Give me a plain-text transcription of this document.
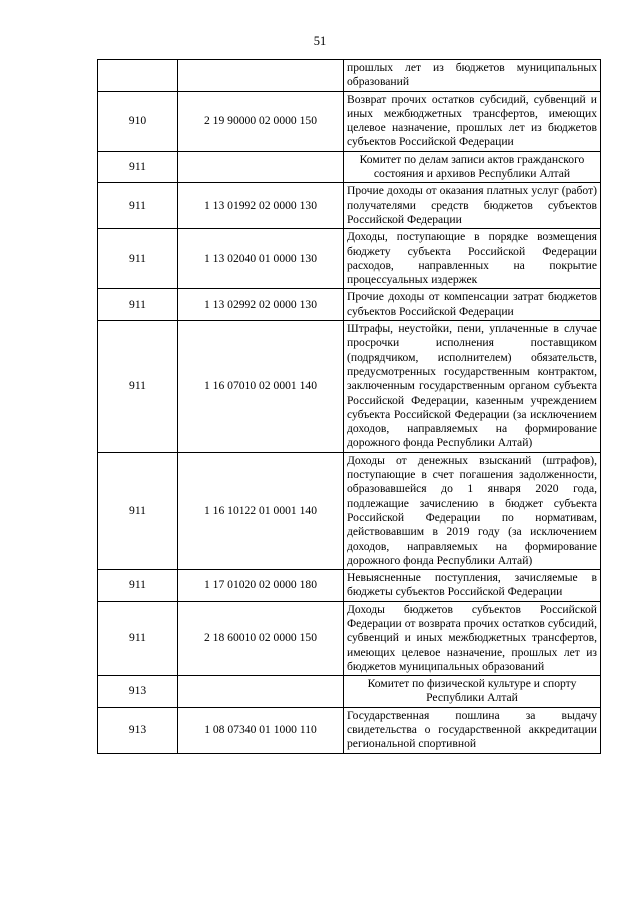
51
		прошлых лет из бюджетов муниципальных образований
910	2 19 90000 02 0000 150	Возврат прочих остатков субсидий, субвенций и иных межбюджетных трансфертов, имеющих целевое назначение, прошлых лет из бюджетов субъектов Российской Федерации
911		Комитет по делам записи актов гражданского состояния и архивов Республики Алтай
911	1 13 01992 02 0000 130	Прочие доходы от оказания платных услуг (работ) получателями средств бюджетов субъектов Российской Федерации
911	1 13 02040 01 0000 130	Доходы, поступающие в порядке возмещения бюджету субъекта Российской Федерации расходов, направленных на покрытие процессуальных издержек
911	1 13 02992 02 0000 130	Прочие доходы от компенсации затрат бюджетов субъектов Российской Федерации
911	1 16 07010 02 0001 140	Штрафы, неустойки, пени, уплаченные в случае просрочки исполнения поставщиком (подрядчиком, исполнителем) обязательств, предусмотренных государственным контрактом, заключенным государственным органом субъекта Российской Федерации, казенным учреждением субъекта Российской Федерации (за исключением доходов, направляемых на формирование дорожного фонда Республики Алтай)
911	1 16 10122 01 0001 140	Доходы от денежных взысканий (штрафов), поступающие в счет погашения задолженности, образовавшейся до 1 января 2020 года, подлежащие зачислению в бюджет субъекта Российской Федерации по нормативам, действовавшим в 2019 году (за исключением доходов, направляемых на формирование дорожного фонда Республики Алтай)
911	1 17 01020 02 0000 180	Невыясненные поступления, зачисляемые в бюджеты субъектов Российской Федерации
911	2 18 60010 02 0000 150	Доходы бюджетов субъектов Российской Федерации от возврата прочих остатков субсидий, субвенций и иных межбюджетных трансфертов, имеющих целевое назначение, прошлых лет из бюджетов муниципальных образований
913		Комитет по физической культуре и спорту Республики Алтай
913	1 08 07340 01 1000 110	Государственная пошлина за выдачу свидетельства о государственной аккредитации региональной спортивной
